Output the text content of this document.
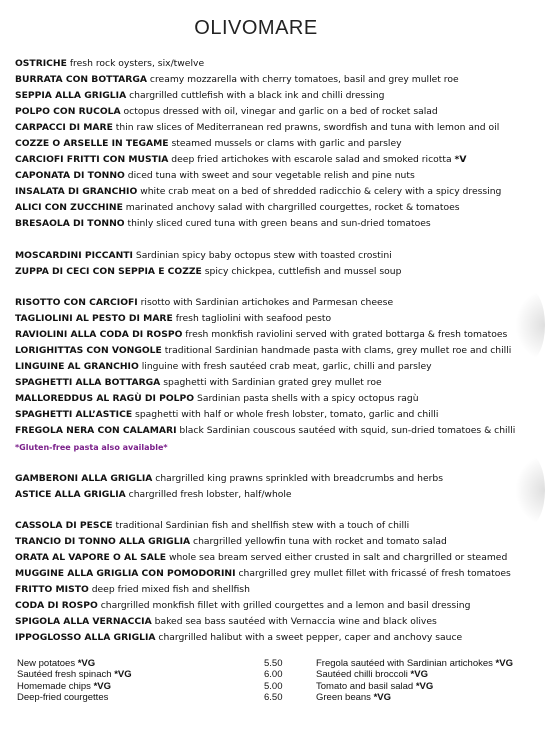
OLIVOMARE
OSTRICHE fresh rock oysters, six/twelve
BURRATA CON BOTTARGA creamy mozzarella with cherry tomatoes, basil and grey mullet roe
SEPPIA ALLA GRIGLIA chargrilled cuttlefish with a black ink and chilli dressing
POLPO CON RUCOLA octopus dressed with oil, vinegar and garlic on a bed of rocket salad
CARPACCI DI MARE thin raw slices of Mediterranean red prawns, swordfish and tuna with lemon and oil
COZZE O ARSELLE IN TEGAME steamed mussels or clams with garlic and parsley
CARCIOFI FRITTI CON MUSTIA deep fried artichokes with escarole salad and smoked ricotta *V
CAPONATA DI TONNO diced tuna with sweet and sour vegetable relish and pine nuts
INSALATA DI GRANCHIO white crab meat on a bed of shredded radicchio & celery with a spicy dressing
ALICI CON ZUCCHINE marinated anchovy salad with chargrilled courgettes, rocket & tomatoes
BRESAOLA DI TONNO thinly sliced cured tuna with green beans and sun-dried tomatoes
MOSCARDINI PICCANTI Sardinian spicy baby octopus stew with toasted crostini
ZUPPA DI CECI CON SEPPIA E COZZE spicy chickpea, cuttlefish and mussel soup
RISOTTO CON CARCIOFI risotto with Sardinian artichokes and Parmesan cheese
TAGLIOLINI AL PESTO DI MARE fresh tagliolini with seafood pesto
RAVIOLINI ALLA CODA DI ROSPO fresh monkfish raviolini served with grated bottarga & fresh tomatoes
LORIGHITTAS CON VONGOLE traditional Sardinian handmade pasta with clams, grey mullet roe and chilli
LINGUINE AL GRANCHIO linguine with fresh sautéed crab meat, garlic, chilli and parsley
SPAGHETTI ALLA BOTTARGA spaghetti with Sardinian grated grey mullet roe
MALLOREDDUS AL RAGÙ DI POLPO Sardinian pasta shells with a spicy octopus ragù
SPAGHETTI ALL’ASTICE spaghetti with half or whole fresh lobster, tomato, garlic and chilli
FREGOLA NERA CON CALAMARI black Sardinian couscous sautéed with squid, sun-dried tomatoes & chilli
*Gluten-free pasta also available*
GAMBERONI ALLA GRIGLIA chargrilled king prawns sprinkled with breadcrumbs and herbs
ASTICE ALLA GRIGLIA chargrilled fresh lobster, half/whole
CASSOLA DI PESCE traditional Sardinian fish and shellfish stew with a touch of chilli
TRANCIO DI TONNO ALLA GRIGLIA chargrilled yellowfin tuna with rocket and tomato salad
ORATA AL VAPORE O AL SALE whole sea bream served either crusted in salt and chargrilled or steamed
MUGGINE ALLA GRIGLIA CON POMODORINI chargrilled grey mullet fillet with fricassé of fresh tomatoes
FRITTO MISTO deep fried mixed fish and shellfish
CODA DI ROSPO chargrilled monkfish fillet with grilled courgettes and a lemon and basil dressing
SPIGOLA ALLA VERNACCIA baked sea bass sautéed with Vernaccia wine and black olives
IPPOGLOSSO ALLA GRIGLIA chargrilled halibut with a sweet pepper, caper and anchovy sauce
New potatoes *VG
Sautéed fresh spinach *VG
Homemade chips *VG
Deep-fried courgettes
5.50
6.00
5.00
6.50
Fregola sautéed with Sardinian artichokes *VG
Sautéed chilli broccoli *VG
Tomato and basil salad *VG
Green beans *VG
